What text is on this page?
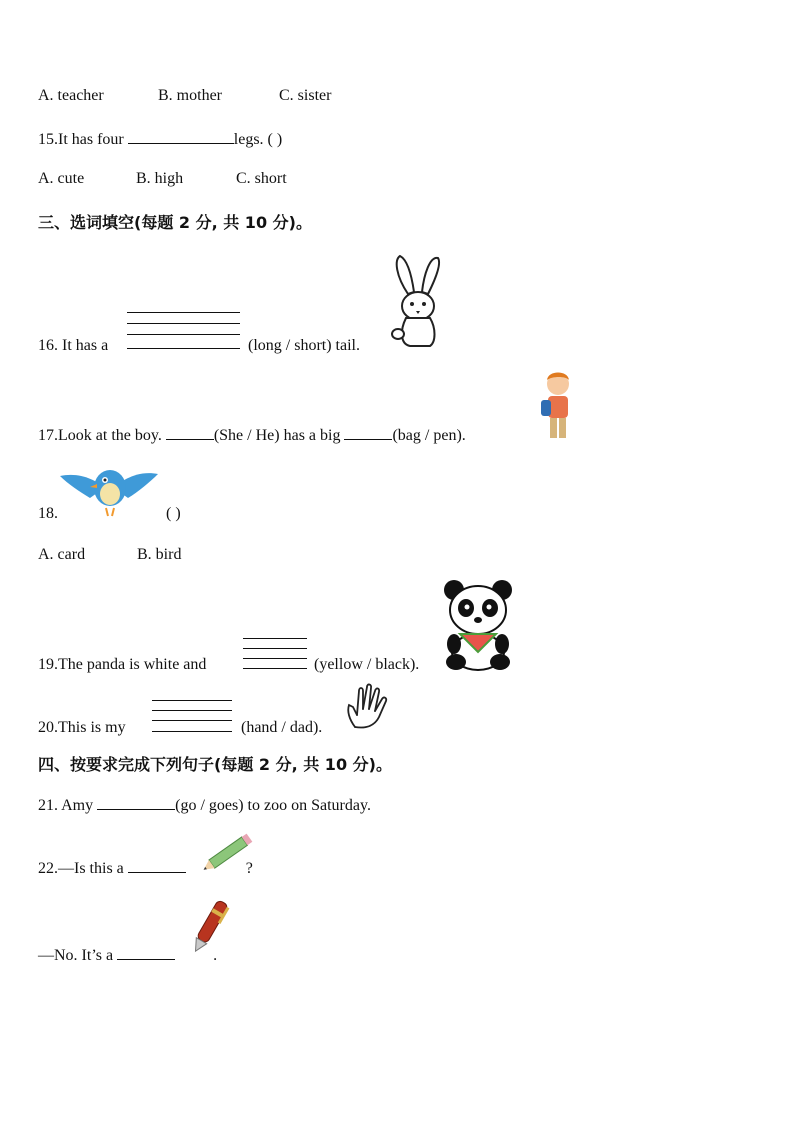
A. teacher	B. mother	C. sister
15.It has four	legs. ( )
A. cute	B. high	C. short
三、选词填空(每题 2 分, 共 10 分)。
16. It has a	(long / short) tail.
17.Look at the boy.	(She / He) has a big	(bag / pen).
18.	( )
A. card	B. bird
19.The panda is white and	(yellow / black).
20.This is my	(hand / dad).
四、按要求完成下列句子(每题 2 分, 共 10 分)。
21. Amy	(go / goes) to zoo on Saturday.
22.—Is this a	?
—No. It’s a	.
